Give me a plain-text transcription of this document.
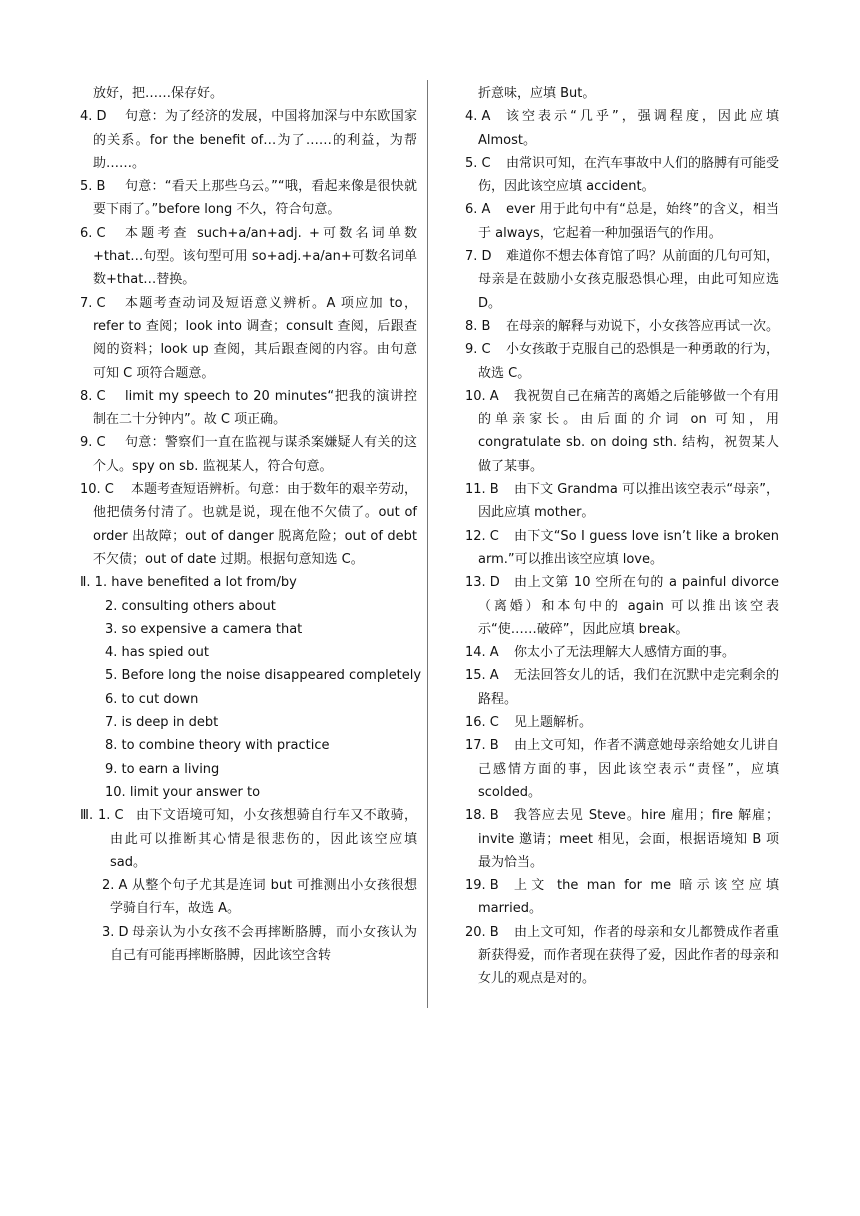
放好，把……保存好。
4. D	句意：为了经济的发展，中国将加深与中东欧国家的关系。for the benefit of…为了……的利益，为帮助……。
5. B	句意：“看天上那些乌云。”“哦，看起来像是很快就要下雨了。”before long 不久，符合句意。
6. C	本题考查 such+a/an+adj. +可数名词单数+that…句型。该句型可用 so+adj.+a/an+可数名词单数+that…替换。
7. C	本题考查动词及短语意义辨析。A 项应加 to，refer to 查阅；look into 调查；consult 查阅，后跟查阅的资料；look up 查阅，其后跟查阅的内容。由句意可知 C 项符合题意。
8. C	limit my speech to 20 minutes“把我的演讲控制在二十分钟内”。故 C 项正确。
9. C	句意：警察们一直在监视与谋杀案嫌疑人有关的这个人。spy on sb. 监视某人，符合句意。
10. C	本题考查短语辨析。句意：由于数年的艰辛劳动，他把债务付清了。也就是说，现在他不欠债了。out of order 出故障；out of danger 脱离危险；out of debt 不欠债；out of date 过期。根据句意知选 C。
Ⅱ. 1. have benefited a lot from/by
2. consulting others about
3. so expensive a camera that
4. has spied out
5. Before long the noise disappeared completely
6. to cut down
7. is deep in debt
8. to combine theory with practice
9. to earn a living
10. limit your answer to
Ⅲ. 1. C 由下文语境可知，小女孩想骑自行车又不敢骑，由此可以推断其心情是很悲伤的，因此该空应填 sad。
2. A 从整个句子尤其是连词 but 可推测出小女孩很想学骑自行车，故选 A。
3. D 母亲认为小女孩不会再摔断胳膊，而小女孩认为自己有可能再摔断胳膊，因此该空含转
折意味，应填 But。
4. A	该空表示“几乎”，强调程度，因此应填 Almost。
5. C	由常识可知，在汽车事故中人们的胳膊有可能受伤，因此该空应填 accident。
6. A	ever 用于此句中有“总是，始终”的含义，相当于 always，它起着一种加强语气的作用。
7. D	难道你不想去体育馆了吗？从前面的几句可知，母亲是在鼓励小女孩克服恐惧心理，由此可知应选 D。
8. B	在母亲的解释与劝说下，小女孩答应再试一次。
9. C	小女孩敢于克服自己的恐惧是一种勇敢的行为，故选 C。
10. A	我祝贺自己在痛苦的离婚之后能够做一个有用的单亲家长。由后面的介词 on 可知，用 congratulate sb. on doing sth. 结构，祝贺某人做了某事。
11. B	由下文 Grandma 可以推出该空表示“母亲”，因此应填 mother。
12. C	由下文“So I guess love isn’t like a broken arm.”可以推出该空应填 love。
13. D	由上文第 10 空所在句的 a painful divorce（离婚）和本句中的 again 可以推出该空表示“使……破碎”，因此应填 break。
14. A	你太小了无法理解大人感情方面的事。
15. A	无法回答女儿的话，我们在沉默中走完剩余的路程。
16. C	见上题解析。
17. B	由上文可知，作者不满意她母亲给她女儿讲自己感情方面的事，因此该空表示“责怪”，应填 scolded。
18. B	我答应去见 Steve。hire 雇用；fire 解雇；invite 邀请；meet 相见，会面，根据语境知 B 项最为恰当。
19. B	上文 the man for me 暗示该空应填 married。
20. B	由上文可知，作者的母亲和女儿都赞成作者重新获得爱，而作者现在获得了爱，因此作者的母亲和女儿的观点是对的。
